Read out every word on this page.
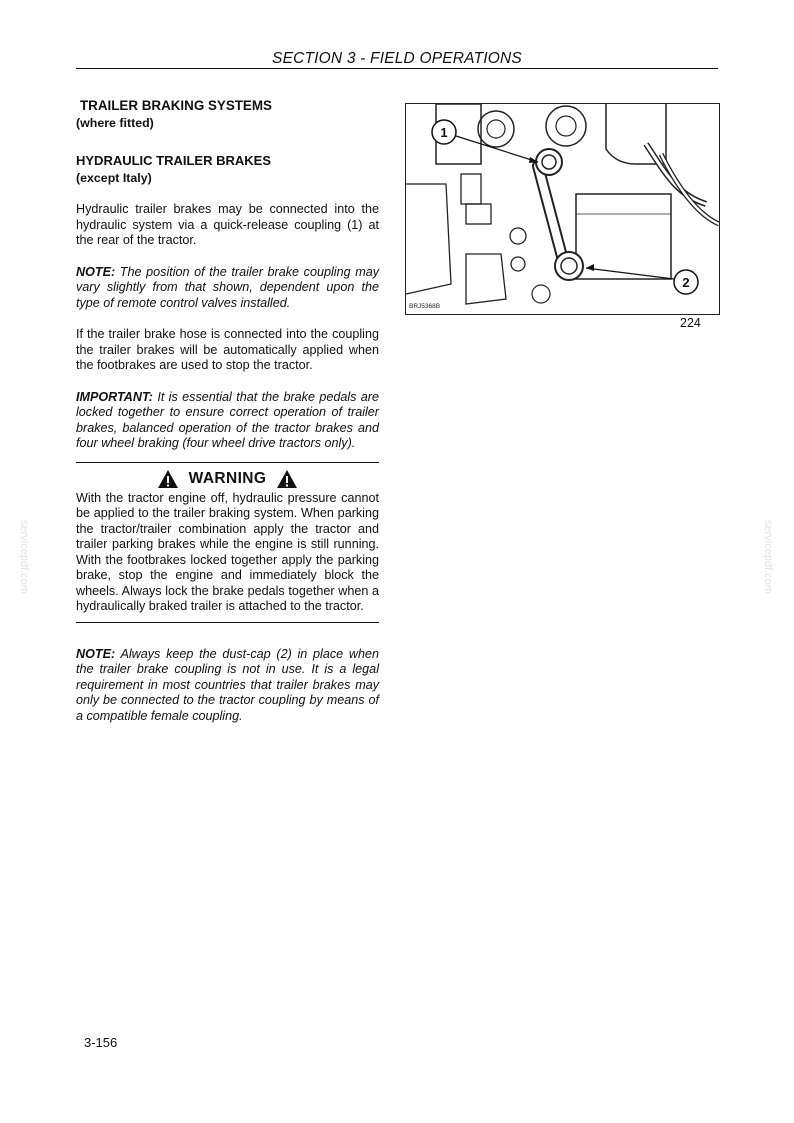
SECTION 3 - FIELD OPERATIONS
TRAILER BRAKING SYSTEMS
(where fitted)
HYDRAULIC TRAILER BRAKES
(except Italy)

Hydraulic trailer brakes may be connected into the hydraulic system via a quick-release coupling (1) at the rear of the tractor.

NOTE: The position of the trailer brake coupling may vary slightly from that shown, dependent upon the type of remote control valves installed.

If the trailer brake hose is connected into the coupling the trailer brakes will be automatically applied when the footbrakes are used to stop the tractor.

IMPORTANT: It is essential that the brake pedals are locked together to ensure correct operation of trailer brakes, balanced operation of the tractor brakes and four wheel braking (four wheel drive tractors only).

WARNING

With the tractor engine off, hydraulic pressure cannot be applied to the trailer braking system. When parking the tractor/trailer combination apply the tractor and trailer parking brakes while the engine is still running. With the footbrakes locked together apply the parking brake, stop the engine and immediately block the wheels. Always lock the brake pedals together when a hydraulically braked trailer is attached to the tractor.

NOTE: Always keep the dust-cap (2) in place when the trailer brake coupling is not in use. It is a legal requirement in most countries that trailer brakes may only be connected to the tractor coupling by means of a compatible female coupling.

1
2
BRJ5368B
224
servicepdf.com	servicepdf.com
3-156
